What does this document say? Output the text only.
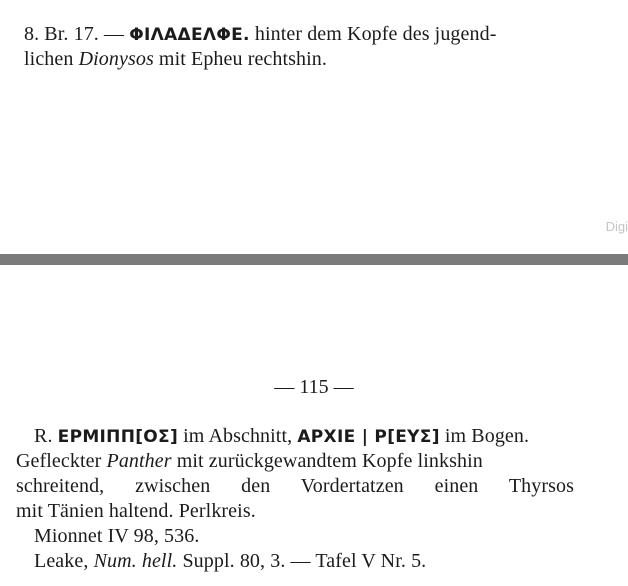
8. Br. 17. — ΦΙΛΑΔΕΛΦΕ. hinter dem Kopfe des jugend-
lichen Dionysos mit Epheu rechtshin.
Digi
— 115 —
R. ΕΡΜΙΠΠ[ΟΣ] im Abschnitt, ΑΡΧΙΕ | Ρ[ΕΥΣ] im Bogen.
Gefleckter Panther mit zurückgewandtem Kopfe linkshin
schreitend, zwischen den Vordertatzen einen Thyrsos
mit Tänien haltend. Perlkreis.
Mionnet IV 98, 536.
Leake, Num. hell. Suppl. 80, 3. — Tafel V Nr. 5.
